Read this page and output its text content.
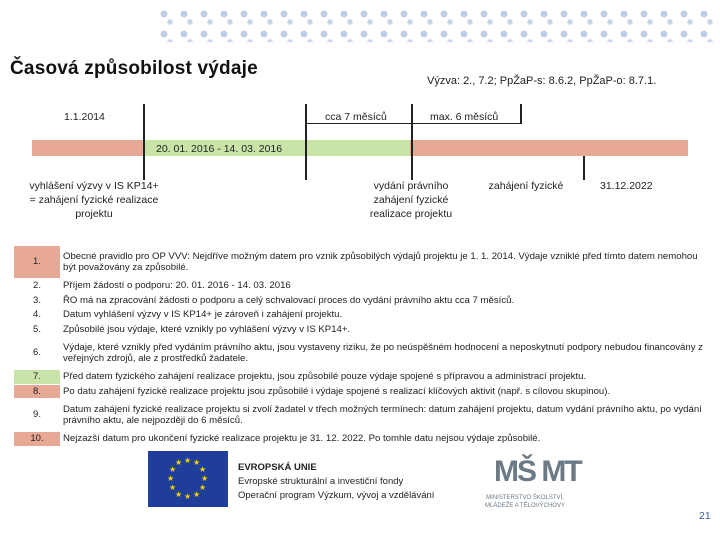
Časová způsobilost výdaje
Výzva: 2., 7.2; PpŽaP-s: 8.6.2, PpŽaP-o: 8.7.1.
1.1.2014	cca 7 měsíců	max. 6 měsíců
20. 01. 2016 - 14. 03. 2016
vyhlášení výzvy v IS KP14+ = zahájení fyzické realizace projektu
vydání právního zahájení fyzické realizace projektu
zahájení fyzické	31.12.2022
1.	Obecné pravidlo pro OP VVV: Nejdříve možným datem pro vznik způsobilých výdajů projektu je 1. 1. 2014. Výdaje vzniklé před tímto datem nemohou být považovány za způsobilé.
2.	Příjem žádostí o podporu: 20. 01. 2016 - 14. 03. 2016
3.	ŘO má na zpracování žádosti o podporu a celý schvalovací proces do vydání právního aktu cca 7 měsíců.
4.	Datum vyhlášení výzvy v IS KP14+ je zároveň i zahájení projektu.
5.	Způsobilé jsou výdaje, které vznikly po vyhlášení výzvy v IS KP14+.
6.	Výdaje, které vznikly před vydáním právního aktu, jsou vystaveny riziku, že po neúspěšném hodnocení a neposkytnutí podpory nebudou financovány z veřejných zdrojů, ale z prostředků žadatele.
7.	Před datem fyzického zahájení realizace projektu, jsou způsobilé pouze výdaje spojené s přípravou a administrací projektu.
8.	Po datu zahájení fyzické realizace projektu jsou způsobilé i výdaje spojené s realizací klíčových aktivit (např. s cílovou skupinou).
9.	Datum zahájení fyzické realizace projektu si zvolí žadatel v třech možných termínech: datum zahájení projektu, datum vydání právního aktu, po vydání právního aktu, ale nejpozději do 6 měsíců.
10.	Nejzazší datum pro ukončení fyzické realizace projektu je 31. 12. 2022. Po tomhle datu nejsou výdaje způsobilé.
★ ★
★
★
★
★
★
★
★
★
★
★	EVROPSKÁ UNIE
Evropské strukturální a investiční fondy
Operační program Výzkum, vývoj a vzdělávání
MŠ MT
MINISTERSTVO ŠKOLSTVÍ,
MLÁDEŽE A TĚLOVÝCHOVY
21
